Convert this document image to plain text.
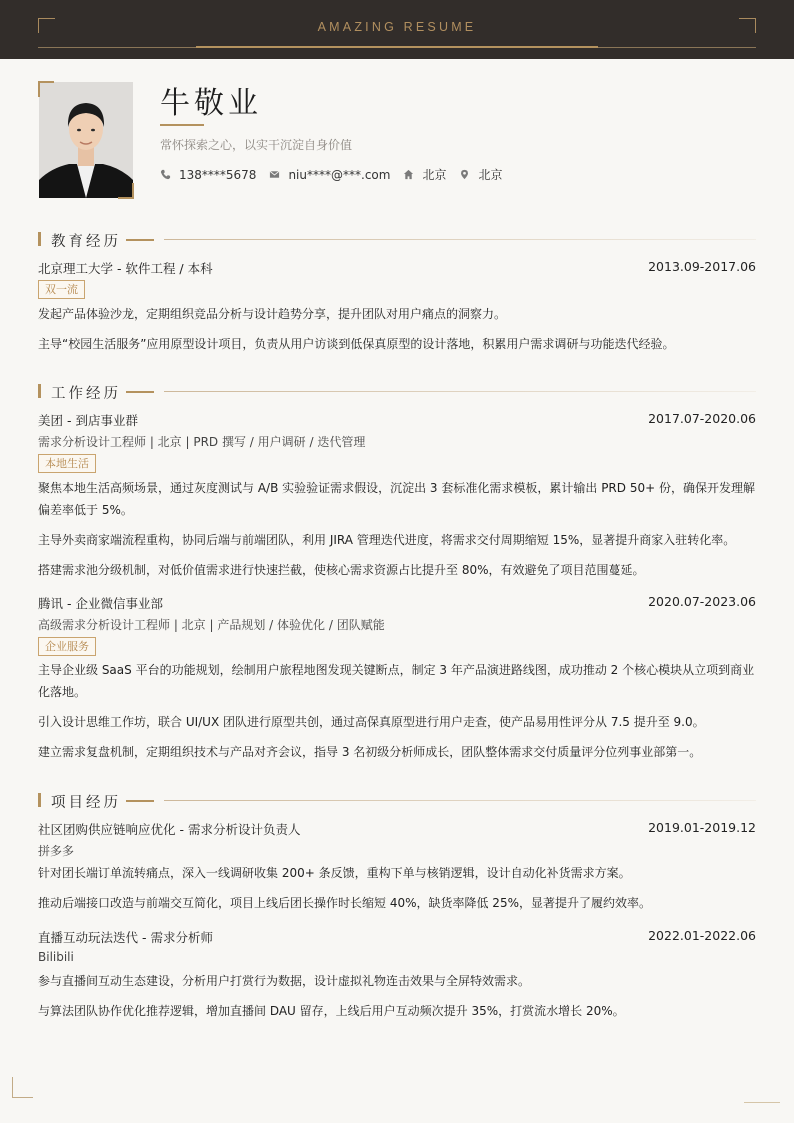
AMAZING RESUME
牛敬业
常怀探索之心，以实干沉淀自身价值
138****5678	niu****@***.com	北京	北京
教育经历
北京理工大学 - 软件工程 / 本科	2013.09-2017.06
双一流
发起产品体验沙龙，定期组织竞品分析与设计趋势分享，提升团队对用户痛点的洞察力。
主导“校园生活服务”应用原型设计项目，负责从用户访谈到低保真原型的设计落地，积累用户需求调研与功能迭代经验。
工作经历
美团 - 到店事业群	2017.07-2020.06
需求分析设计工程师 | 北京 | PRD 撰写 / 用户调研 / 迭代管理
本地生活
聚焦本地生活高频场景，通过灰度测试与 A/B 实验验证需求假设，沉淀出 3 套标准化需求模板，累计输出 PRD 50+ 份，确保开发理解偏差率低于 5%。
主导外卖商家端流程重构，协同后端与前端团队，利用 JIRA 管理迭代进度，将需求交付周期缩短 15%，显著提升商家入驻转化率。
搭建需求池分级机制，对低价值需求进行快速拦截，使核心需求资源占比提升至 80%，有效避免了项目范围蔓延。
腾讯 - 企业微信事业部	2020.07-2023.06
高级需求分析设计工程师 | 北京 | 产品规划 / 体验优化 / 团队赋能
企业服务
主导企业级 SaaS 平台的功能规划，绘制用户旅程地图发现关键断点，制定 3 年产品演进路线图，成功推动 2 个核心模块从立项到商业化落地。
引入设计思维工作坊，联合 UI/UX 团队进行原型共创，通过高保真原型进行用户走查，使产品易用性评分从 7.5 提升至 9.0。
建立需求复盘机制，定期组织技术与产品对齐会议，指导 3 名初级分析师成长，团队整体需求交付质量评分位列事业部第一。
项目经历
社区团购供应链响应优化 - 需求分析设计负责人	2019.01-2019.12
拼多多
针对团长端订单流转痛点，深入一线调研收集 200+ 条反馈，重构下单与核销逻辑，设计自动化补货需求方案。
推动后端接口改造与前端交互简化，项目上线后团长操作时长缩短 40%，缺货率降低 25%，显著提升了履约效率。
直播互动玩法迭代 - 需求分析师	2022.01-2022.06
Bilibili
参与直播间互动生态建设，分析用户打赏行为数据，设计虚拟礼物连击效果与全屏特效需求。
与算法团队协作优化推荐逻辑，增加直播间 DAU 留存，上线后用户互动频次提升 35%，打赏流水增长 20%。
